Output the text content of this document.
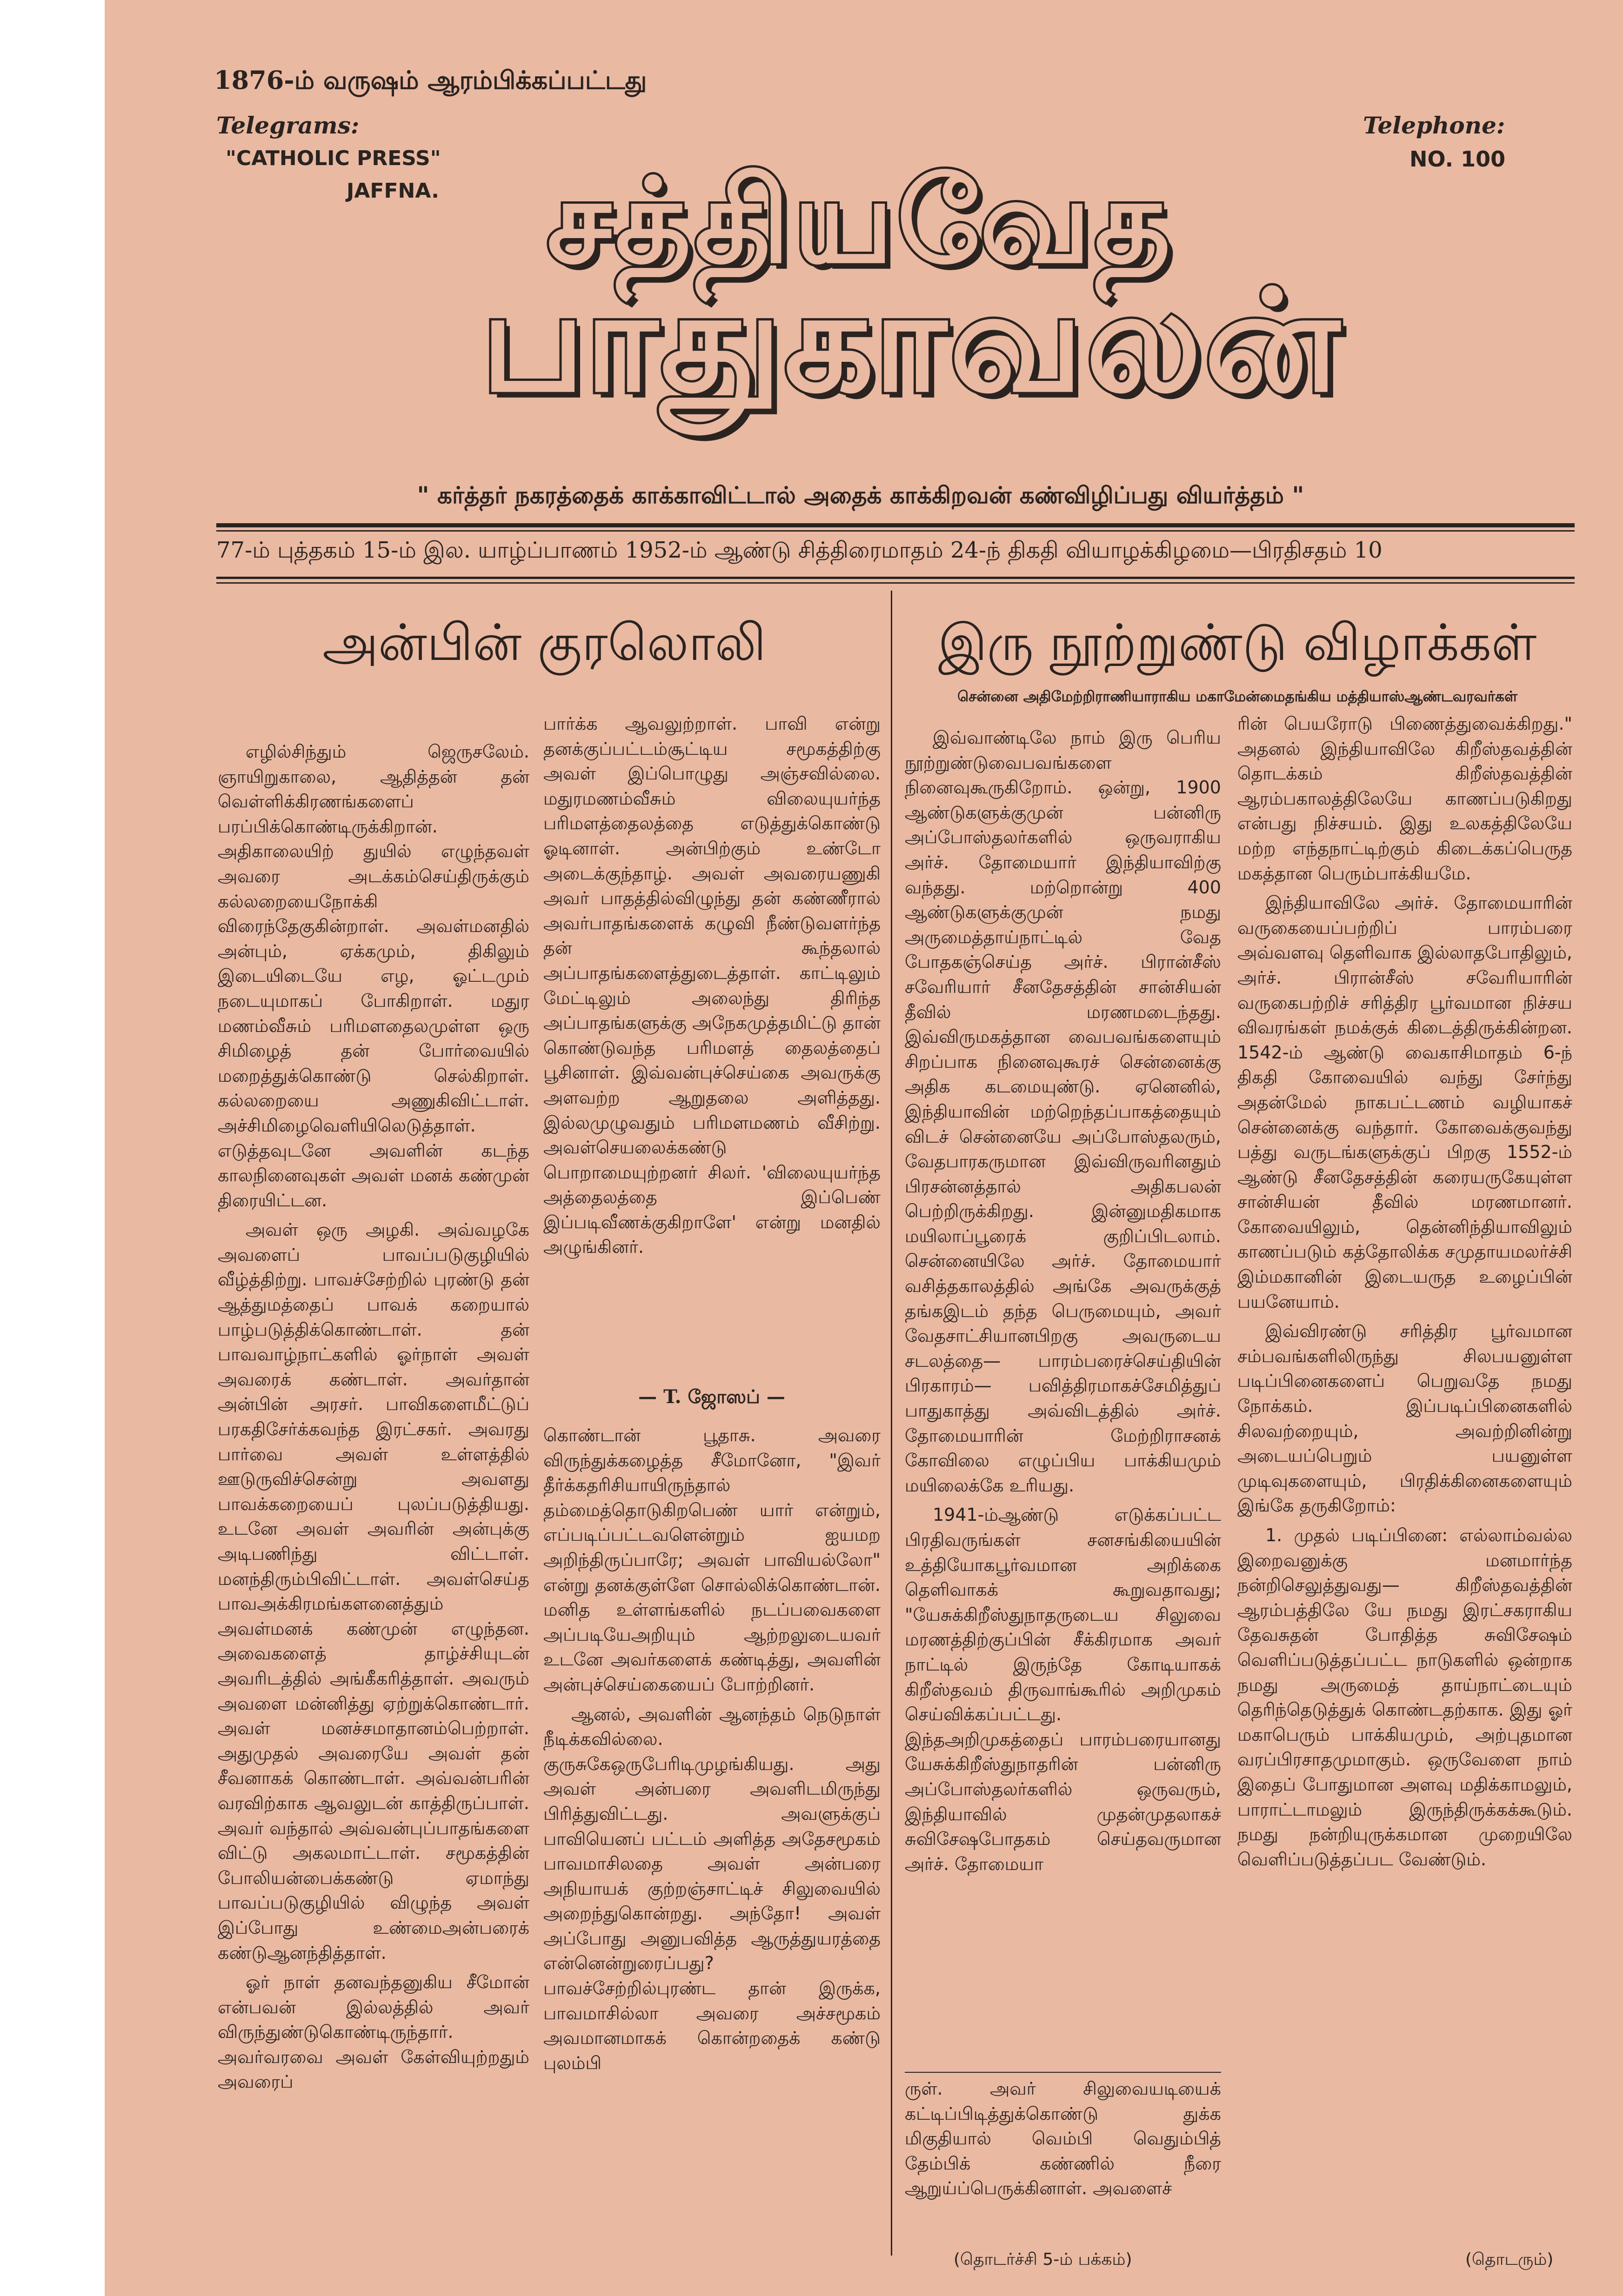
1876-ம் வருஷம் ஆரம்பிக்கப்பட்டது
Telegrams:
"CATHOLIC PRESS"
JAFFNA.
Telephone:
NO. 100
சத்தியவேத
பாதுகாவலன்
" கர்த்தர் நகரத்தைக் காக்காவிட்டால் அதைக் காக்கிறவன் கண்விழிப்பது வியர்த்தம் "
77-ம் புத்தகம் 15-ம் இல. யாழ்ப்பாணம் 1952-ம் ஆண்டு சித்திரைமாதம் 24-ந் திகதி வியாழக்கிழமை—பிரதிசதம் 10
அன்பின் குரலொலி

எழில்சிந்தும் ஜெருசலேம். ஞாயிறுகாலை, ஆதித்தன் தன் வெள்ளிக்கிரணங்களைப் பரப்பிக்கொண்டிருக்கிறான். அதிகாலையிற் துயில் எழுந்தவள் அவரை அடக்கம்செய்திருக்கும் கல்லறையைநோக்கி விரைந்தேகுகின்றாள். அவள்மனதில் அன்பும், ஏக்கமும், திகிலும் இடையிடையே எழ, ஓட்டமும் நடையுமாகப் போகிறாள். மதுர மணம்வீசும் பரிமளதைலமுள்ள ஒரு சிமிழைத் தன் போர்வையில் மறைத்துக்கொண்டு செல்கிறாள். கல்லறையை அணுகிவிட்டாள். அச்சிமிழைவெளியிலெடுத்தாள். எடுத்தவுடனே அவளின் கடந்த காலநினைவுகள் அவள் மனக் கண்முன் திரையிட்டன.

அவள் ஒரு அழகி. அவ்வழகே அவளைப் பாவப்படுகுழியில் வீழ்த்திற்று. பாவச்சேற்றில் புரண்டு தன் ஆத்துமத்தைப் பாவக் கறையால் பாழ்படுத்திக்கொண்டாள். தன் பாவவாழ்நாட்களில் ஓர்நாள் அவள் அவரைக் கண்டாள். அவர்தான் அன்பின் அரசர். பாவிகளைமீட்டுப் பரகதிசேர்க்கவந்த இரட்சகர். அவரது பார்வை அவள் உள்ளத்தில் ஊடுருவிச்சென்று அவளது பாவக்கறையைப் புலப்படுத்தியது. உடனே அவள் அவரின் அன்புக்கு அடிபணிந்து விட்டாள். மனந்திரும்பிவிட்டாள். அவள்செய்த பாவஅக்கிரமங்களனைத்தும் அவள்மனக் கண்முன் எழுந்தன. அவைகளைத் தாழ்ச்சியுடன் அவரிடத்தில் அங்கீகரித்தாள். அவரும் அவளை மன்னித்து ஏற்றுக்கொண்டார். அவள் மனச்சமாதானம்பெற்றாள். அதுமுதல் அவரையே அவள் தன் சீவனாகக் கொண்டாள். அவ்வன்பரின் வரவிற்காக ஆவலுடன் காத்திருப்பாள். அவர் வந்தால் அவ்வன்புப்பாதங்களை விட்டு அகலமாட்டாள். சமூகத்தின் போலியன்பைக்கண்டு ஏமாந்து பாவப்படுகுழியில் விழுந்த அவள் இப்போது உண்மைஅன்பரைக் கண்டுஆனந்தித்தாள்.

ஓர் நாள் தனவந்தனுகிய சீமோன் என்பவன் இல்லத்தில் அவர் விருந்துண்டுகொண்டிருந்தார். அவர்வரவை அவள் கேள்வியுற்றதும் அவரைப்

பார்க்க ஆவலுற்றாள். பாவி என்று தனக்குப்பட்டம்சூட்டிய சமூகத்திற்கு அவள் இப்பொழுது அஞ்சவில்லை. மதுரமணம்வீசும் விலையுயர்ந்த பரிமளத்தைலத்தை எடுத்துக்கொண்டு ஓடினாள். அன்பிற்கும் உண்டோ அடைக்குந்தாழ். அவள் அவரையணுகி அவர் பாதத்தில்விழுந்து தன் கண்ணீரால் அவர்பாதங்களைக் கழுவி நீண்டுவளர்ந்த தன் கூந்தலால் அப்பாதங்களைத்துடைத்தாள். காட்டிலும் மேட்டிலும் அலைந்து திரிந்த அப்பாதங்களுக்கு அநேகமுத்தமிட்டு தான் கொண்டுவந்த பரிமளத் தைலத்தைப் பூசினாள். இவ்வன்புச்செய்கை அவருக்கு அளவற்ற ஆறுதலை அளித்தது. இல்லமுழுவதும் பரிமளமணம் வீசிற்று. அவள்செயலைக்கண்டு பொறாமையுற்றனர் சிலர். 'விலையுயர்ந்த அத்தைலத்தை இப்பெண் இப்படிவீணக்குகிறாளே' என்று மனதில் அழுங்கினர்.

— T. ஜோஸப் —

கொண்டான் பூதாசு. அவரை விருந்துக்கழைத்த சீமோனோ, "இவர் தீர்க்கதரிசியாயிருந்தால் தம்மைத்தொடுகிறபெண் யார் என்றும், எப்படிப்பட்டவளென்றும் ஐயமற அறிந்திருப்பாரே; அவள் பாவியல்லோ" என்று தனக்குள்ளே சொல்லிக்கொண்டான். மனித உள்ளங்களில் நடப்பவைகளை அப்படியேஅறியும் ஆற்றலுடையவர் உடனே அவர்களைக் கண்டித்து, அவளின் அன்புச்செய்கையைப் போற்றினர்.

ஆனல், அவளின் ஆனந்தம் நெடுநாள் நீடிக்கவில்லை. குருசுகேஒருபேரிடிமுழங்கியது. அது அவள் அன்பரை அவளிடமிருந்து பிரித்துவிட்டது. அவளுக்குப் பாவியெனப் பட்டம் அளித்த அதேசமூகம் பாவமாசிலதை அவள் அன்பரை அநியாயக் குற்றஞ்சாட்டிச் சிலுவையில் அறைந்துகொன்றது. அந்தோ! அவள் அப்போது அனுபவித்த ஆருத்துயரத்தை என்னென்றுரைப்பது? பாவச்சேற்றில்புரண்ட தான் இருக்க, பாவமாசில்லா அவரை அச்சமூகம் அவமானமாகக் கொன்றதைக் கண்டு புலம்பி

இரு நூற்றுண்டு விழாக்கள்
சென்னை அதிமேற்றிராணியாராகிய மகாமேன்மைதங்கிய மத்தியாஸ்ஆண்டவரவர்கள்

இவ்வாண்டிலே நாம் இரு பெரிய நூற்றுண்டுவைபவங்களை நினைவுகூருகிறோம். ஒன்று, 1900 ஆண்டுகளுக்குமுன் பன்னிரு அப்போஸ்தலர்களில் ஒருவராகிய அர்ச். தோமையார் இந்தியாவிற்கு வந்தது. மற்றொன்று 400 ஆண்டுகளுக்குமுன் நமது அருமைத்தாய்நாட்டில் வேத போதகஞ்செய்த அர்ச். பிரான்சீஸ் சவேரியார் சீனதேசத்தின் சான்சியன் தீவில் மரணமடைந்தது. இவ்விருமகத்தான வைபவங்களையும் சிறப்பாக நினைவுகூரச் சென்னைக்கு அதிக கடமையுண்டு. ஏனெனில், இந்தியாவின் மற்றெந்தப்பாகத்தையும் விடச் சென்னையே அப்போஸ்தலரும், வேதபாரகருமான இவ்விருவரினதும் பிரசன்னத்தால் அதிகபலன் பெற்றிருக்கிறது. இன்னுமதிகமாக மயிலாப்பூரைக் குறிப்பிடலாம். சென்னையிலே அர்ச். தோமையார் வசித்தகாலத்தில் அங்கே அவருக்குத் தங்கஇடம் தந்த பெருமையும், அவர் வேதசாட்சியானபிறகு அவருடைய சடலத்தை— பாரம்பரைச்செய்தியின் பிரகாரம்— பவித்திரமாகச்சேமித்துப் பாதுகாத்து அவ்விடத்தில் அர்ச். தோமையாரின் மேற்றிராசனக் கோவிலை எழுப்பிய பாக்கியமும் மயிலைக்கே உரியது.

1941-ம்ஆண்டு எடுக்கப்பட்ட பிரதிவருங்கள் சனசங்கியையின் உத்தியோகபூர்வமான அறிக்கை தெளிவாகக் கூறுவதாவது; "யேசுக்கிறீஸ்துநாதருடைய சிலுவை மரணத்திற்குப்பின் சீக்கிரமாக அவர் நாட்டில் இருந்தே கோடியாகக் கிறீஸ்தவம் திருவாங்கூரில் அறிமுகம் செய்விக்கப்பட்டது. இந்தஅறிமுகத்தைப் பாரம்பரையானது யேசுக்கிறீஸ்துநாதரின் பன்னிரு அப்போஸ்தலர்களில் ஒருவரும், இந்தியாவில் முதன்முதலாகச் சுவிசேஷபோதகம் செய்தவருமான அர்ச். தோமையா

ருள். அவர் சிலுவையடியைக் கட்டிப்பிடித்துக்கொண்டு துக்க மிகுதியால் வெம்பி வெதும்பித் தேம்பிக் கண்ணில் நீரை ஆறுய்ப்பெருக்கினாள். அவளைச்

ரின் பெயரோடு பிணைத்துவைக்கிறது." அதனல் இந்தியாவிலே கிறீஸ்தவத்தின் தொடக்கம் கிறீஸ்தவத்தின் ஆரம்பகாலத்திலேயே காணப்படுகிறது என்பது நிச்சயம். இது உலகத்திலேயே மற்ற எந்தநாட்டிற்கும் கிடைக்கப்பெருத மகத்தான பெரும்பாக்கியமே.

இந்தியாவிலே அர்ச். தோமையாரின் வருகையைப்பற்றிப் பாரம்பரை அவ்வளவு தெளிவாக இல்லாதபோதிலும், அர்ச். பிரான்சீஸ் சவேரியாரின் வருகைபற்றிச் சரித்திர பூர்வமான நிச்சய விவரங்கள் நமக்குக் கிடைத்திருக்கின்றன. 1542-ம் ஆண்டு வைகாசிமாதம் 6-ந் திகதி கோவையில் வந்து சேர்ந்து அதன்மேல் நாகபட்டணம் வழியாகச் சென்னைக்கு வந்தார். கோவைக்குவந்து பத்து வருடங்களுக்குப் பிறகு 1552-ம் ஆண்டு சீனதேசத்தின் கரையருகேயுள்ள சான்சியன் தீவில் மரணமானர். கோவையிலும், தென்னிந்தியாவிலும் காணப்படும் கத்தோலிக்க சமுதாயமலர்ச்சி இம்மகானின் இடையருத உழைப்பின் பயனேயாம்.

இவ்விரண்டு சரித்திர பூர்வமான சம்பவங்களிலிருந்து சிலபயனுள்ள படிப்பினைகளைப் பெறுவதே நமது நோக்கம். இப்படிப்பினைகளில் சிலவற்றையும், அவற்றினின்று அடையப்பெறும் பயனுள்ள முடிவுகளையும், பிரதிக்கினைகளையும் இங்கே தருகிறோம்:

1. முதல் படிப்பினை: எல்லாம்வல்ல இறைவனுக்கு மனமார்ந்த நன்றிசெலுத்துவது— கிறீஸ்தவத்தின் ஆரம்பத்திலே யே நமது இரட்சகராகிய தேவசுதன் போதித்த சுவிசேஷம் வெளிப்படுத்தப்பட்ட நாடுகளில் ஒன்றாக நமது அருமைத் தாய்நாட்டையும் தெரிந்தெடுத்துக் கொண்டதற்காக. இது ஓர் மகாபெரும் பாக்கியமும், அற்புதமான வரப்பிரசாதமுமாகும். ஒருவேளை நாம் இதைப் போதுமான அளவு மதிக்காமலும், பாராட்டாமலும் இருந்திருக்கக்கூடும். நமது நன்றியுருக்கமான முறையிலே வெளிப்படுத்தப்பட வேண்டும்.

(தொடர்ச்சி 5-ம் பக்கம்)	(தொடரும்)
